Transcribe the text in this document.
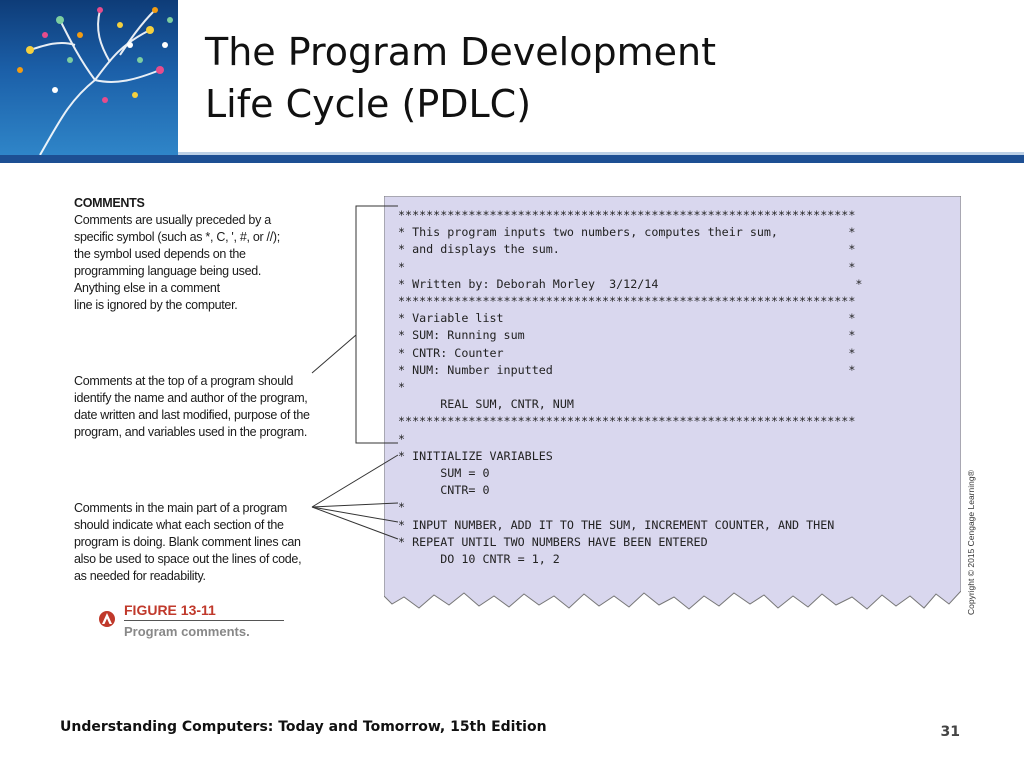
The Program Development
Life Cycle (PDLC)
COMMENTS
Comments are usually preceded by a
specific symbol (such as *, C, ', #, or //);
the symbol used depends on the
programming language being used.
Anything else in a comment
line is ignored by the computer.
Comments at the top of a program should
identify the name and author of the program,
date written and last modified, purpose of the
program, and variables used in the program.
Comments in the main part of a program
should indicate what each section of the
program is doing. Blank comment lines can
also be used to space out the lines of code,
as needed for readability.
*****************************************************************
* This program inputs two numbers, computes their sum,          *
* and displays the sum.                                         *
*                                                               *
* Written by: Deborah Morley  3/12/14                            *
*****************************************************************
* Variable list                                                 *
* SUM: Running sum                                              *
* CNTR: Counter                                                 *
* NUM: Number inputted                                          *
*
REAL SUM, CNTR, NUM
*****************************************************************
*
* INITIALIZE VARIABLES
SUM = 0
CNTR= 0
*
* INPUT NUMBER, ADD IT TO THE SUM, INCREMENT COUNTER, AND THEN
* REPEAT UNTIL TWO NUMBERS HAVE BEEN ENTERED
DO 10 CNTR = 1, 2
FIGURE 13-11
Program comments.
Copyright © 2015 Cengage Learning®
Understanding Computers: Today and Tomorrow, 15th Edition	31
